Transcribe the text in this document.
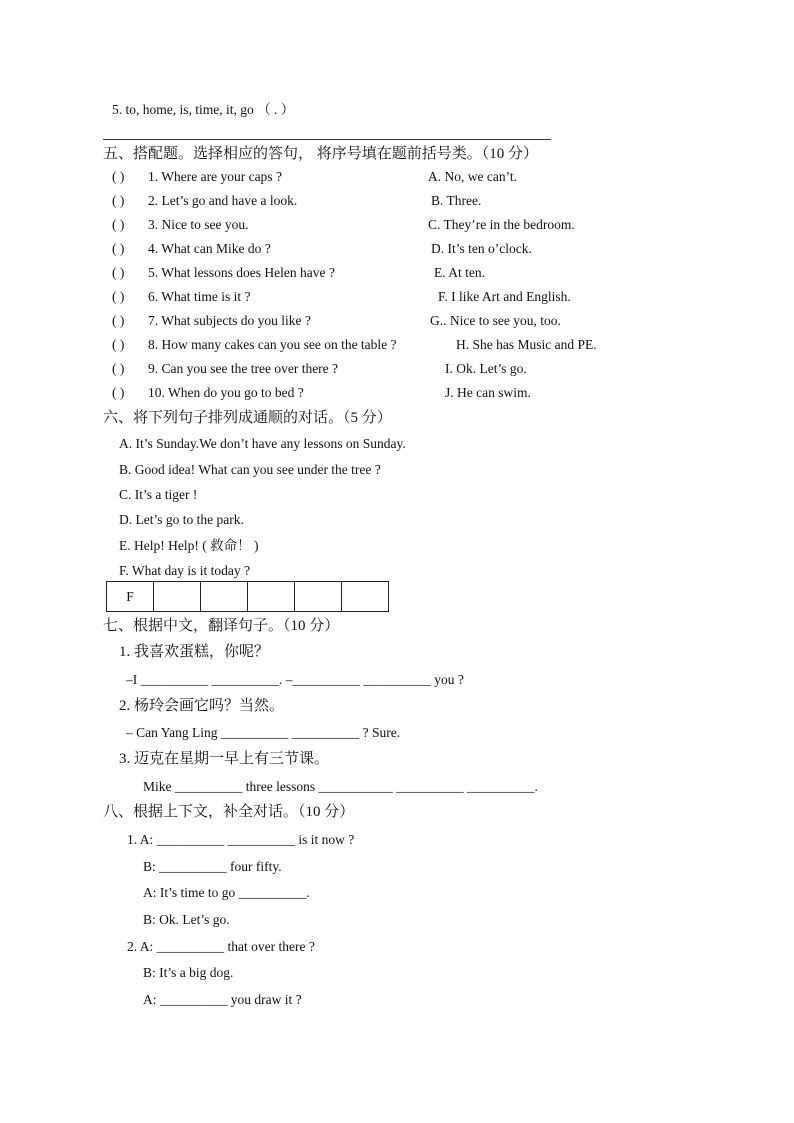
5. to, home, is, time, it, go （ . ）
五、搭配题。选择相应的答句， 将序号填在题前括号类。（10 分）
( ) 1. Where are your caps ?	A. No, we can’t.
( ) 2. Let’s go and have a look.	B. Three.
( ) 3. Nice to see you.	C. They’re in the bedroom.
( ) 4. What can Mike do ?	D. It’s ten o’clock.
( ) 5. What lessons does Helen have ?	E. At ten.
( ) 6. What time is it ?	F. I like Art and English.
( ) 7. What subjects do you like ?	G.. Nice to see you, too.
( ) 8. How many cakes can you see on the table ?	H. She has Music and PE.
( ) 9. Can you see the tree over there ?	I. Ok. Let’s go.
( ) 10. When do you go to bed ?	J. He can swim.
六、将下列句子排列成通顺的对话。（5 分）
A. It’s Sunday.We don’t have any lessons on Sunday.
B. Good idea! What can you see under the tree ?
C. It’s a tiger !
D. Let’s go to the park.
E. Help! Help! ( 救命！ )
F. What day is it today ?
F					
七、根据中文，翻译句子。（10 分）
1. 我喜欢蛋糕，你呢？
–I __________ __________. –__________ __________ you ?
2. 杨玲会画它吗？当然。
– Can Yang Ling __________ __________ ? Sure.
3. 迈克在星期一早上有三节课。
Mike __________ three lessons ___________ __________ __________.
八、根据上下文，补全对话。（10 分）
1. A: __________ __________ is it now ?
B: __________ four fifty.
A: It’s time to go __________.
B: Ok. Let’s go.
2. A: __________ that over there ?
B: It’s a big dog.
A: __________ you draw it ?
